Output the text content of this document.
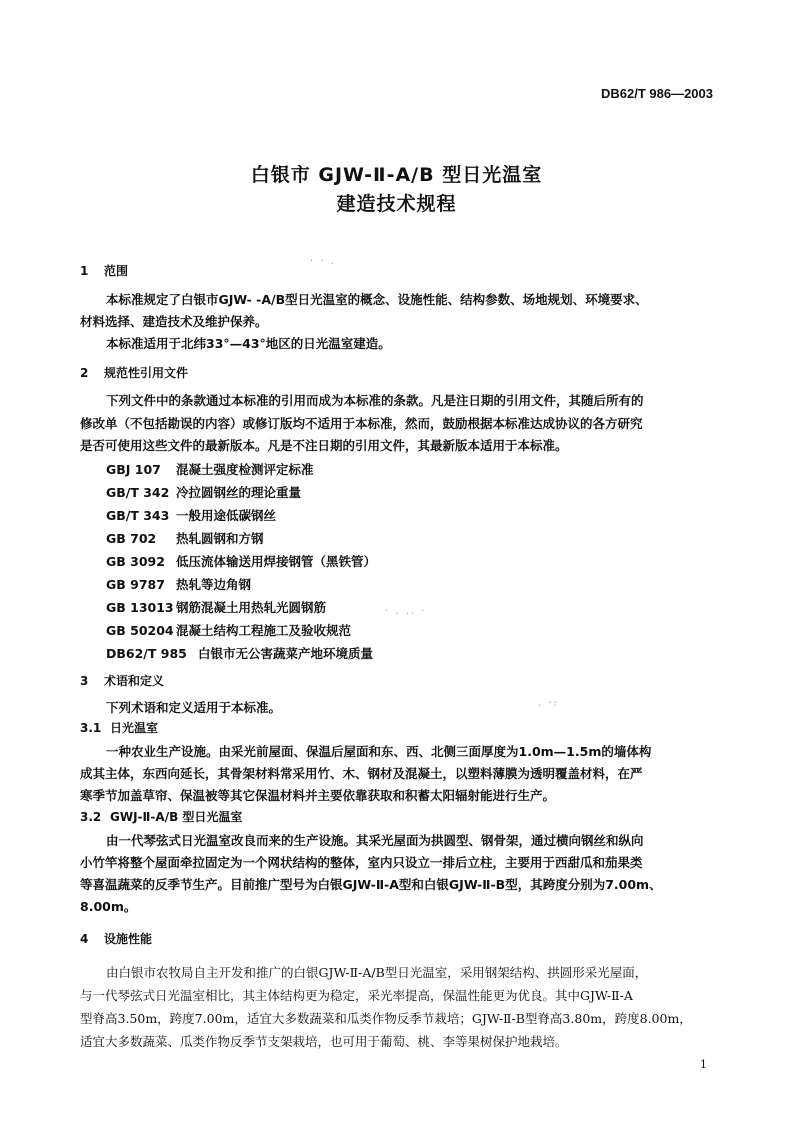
DB62/T 986—2003
白银市 GJW-Ⅱ-A/B 型日光温室
建造技术规程
1 范围
本标准规定了白银市GJW- -A/B型日光温室的概念、设施性能、结构参数、场地规划、环境要求、
材料选择、建造技术及维护保养。
本标准适用于北纬33°—43°地区的日光温室建造。
2 规范性引用文件
下列文件中的条款通过本标准的引用而成为本标准的条款。凡是注日期的引用文件，其随后所有的
修改单（不包括勘误的内容）或修订版均不适用于本标准，然而，鼓励根据本标准达成协议的各方研究
是否可使用这些文件的最新版本。凡是不注日期的引用文件，其最新版本适用于本标准。
GBJ 107 混凝土强度检测评定标准
GB/T 342 冷拉圆钢丝的理论重量
GB/T 343 一般用途低碳钢丝
GB 702 热轧圆钢和方钢
GB 3092 低压流体输送用焊接钢管（黑铁管）
GB 9787 热轧等边角钢
GB 13013 钢筋混凝土用热轧光圆钢筋
GB 50204 混凝土结构工程施工及验收规范
DB62/T 985 白银市无公害蔬菜产地环境质量
3 术语和定义
下列术语和定义适用于本标准。
3.1 日光温室
一种农业生产设施。由采光前屋面、保温后屋面和东、西、北侧三面厚度为1.0m—1.5m的墙体构
成其主体，东西向延长，其骨架材料常采用竹、木、钢材及混凝土，以塑料薄膜为透明覆盖材料，在严
寒季节加盖草帘、保温被等其它保温材料并主要依靠获取和积蓄太阳辐射能进行生产。
3.2 GWJ-Ⅱ-A/B 型日光温室
由一代琴弦式日光温室改良而来的生产设施。其采光屋面为拱圆型、钢骨架，通过横向钢丝和纵向
小竹竿将整个屋面牵拉固定为一个网状结构的整体，室内只设立一排后立柱，主要用于西甜瓜和茄果类
等喜温蔬菜的反季节生产。目前推广型号为白银GJW-Ⅱ-A型和白银GJW-Ⅱ-B型，其跨度分别为7.00m、
8.00m。
4 设施性能
由白银市农牧局自主开发和推广的白银GJW-Ⅱ-A/B型日光温室，采用钢架结构、拱圆形采光屋面，
与一代琴弦式日光温室相比，其主体结构更为稳定，采光率提高，保温性能更为优良。其中GJW-Ⅱ-A
型脊高3.50m，跨度7.00m，适宜大多数蔬菜和瓜类作物反季节栽培；GJW-Ⅱ-B型脊高3.80m，跨度8.00m，
适宜大多数蔬菜、瓜类作物反季节支架栽培，也可用于葡萄、桃、李等果树保护地栽培。
1
· · .
· . .. ·
. ·:
